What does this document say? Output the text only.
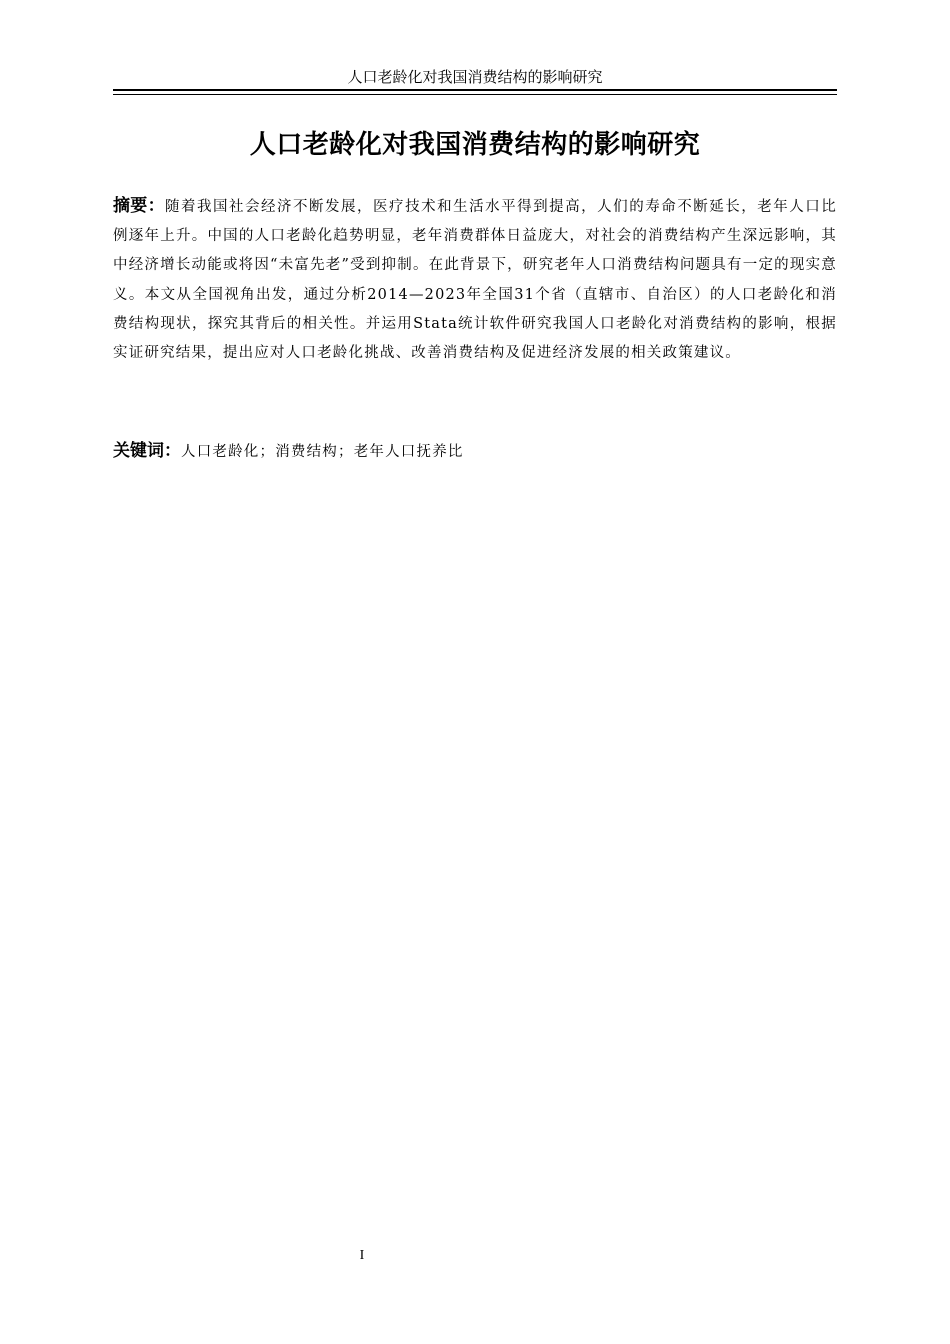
人口老龄化对我国消费结构的影响研究
人口老龄化对我国消费结构的影响研究
摘要：随着我国社会经济不断发展，医疗技术和生活水平得到提高，人们的寿命不断延长，老年人口比例逐年上升。中国的人口老龄化趋势明显，老年消费群体日益庞大，对社会的消费结构产生深远影响，其中经济增长动能或将因“未富先老”受到抑制。在此背景下，研究老年人口消费结构问题具有一定的现实意义。本文从全国视角出发，通过分析2014—2023年全国31个省（直辖市、自治区）的人口老龄化和消费结构现状，探究其背后的相关性。并运用Stata统计软件研究我国人口老龄化对消费结构的影响，根据实证研究结果，提出应对人口老龄化挑战、改善消费结构及促进经济发展的相关政策建议。
关键词：人口老龄化；消费结构；老年人口抚养比
I
